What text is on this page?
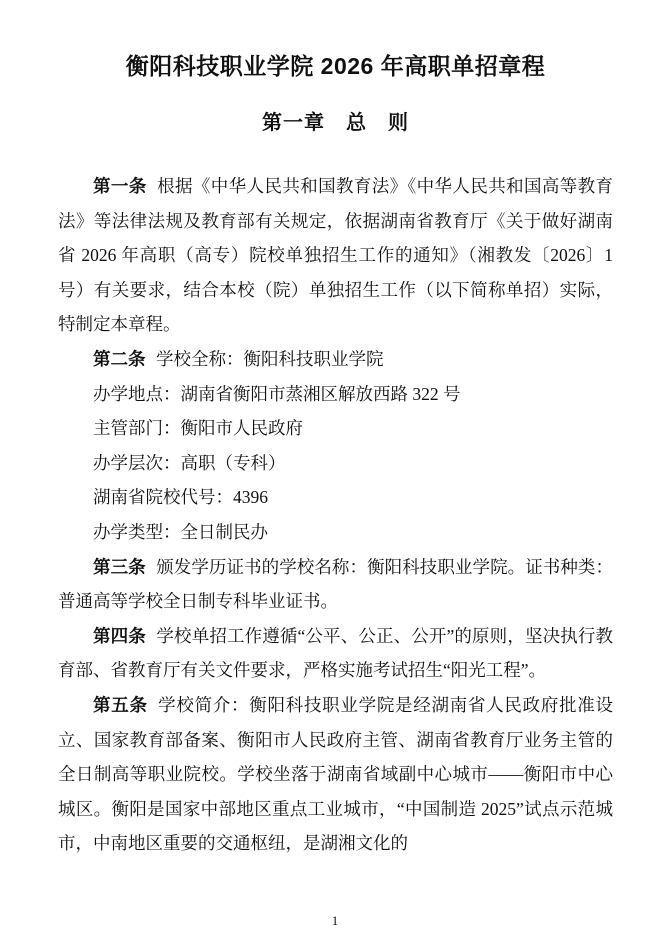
衡阳科技职业学院 2026 年高职单招章程
第一章　总　则

第一条 根据《中华人民共和国教育法》《中华人民共和国高等教育法》等法律法规及教育部有关规定，依据湖南省教育厅《关于做好湖南省 2026 年高职（高专）院校单独招生工作的通知》（湘教发〔2026〕1 号）有关要求，结合本校（院）单独招生工作（以下简称单招）实际，特制定本章程。

第二条 学校全称：衡阳科技职业学院

办学地点：湖南省衡阳市蒸湘区解放西路 322 号

主管部门：衡阳市人民政府

办学层次：高职（专科）

湖南省院校代号：4396

办学类型：全日制民办

第三条 颁发学历证书的学校名称：衡阳科技职业学院。证书种类：普通高等学校全日制专科毕业证书。

第四条 学校单招工作遵循“公平、公正、公开”的原则，坚决执行教育部、省教育厅有关文件要求，严格实施考试招生“阳光工程”。

第五条 学校简介：衡阳科技职业学院是经湖南省人民政府批准设立、国家教育部备案、衡阳市人民政府主管、湖南省教育厅业务主管的全日制高等职业院校。学校坐落于湖南省域副中心城市——衡阳市中心城区。衡阳是国家中部地区重点工业城市，“中国制造 2025”试点示范城市，中南地区重要的交通枢纽，是湖湘文化的

1
